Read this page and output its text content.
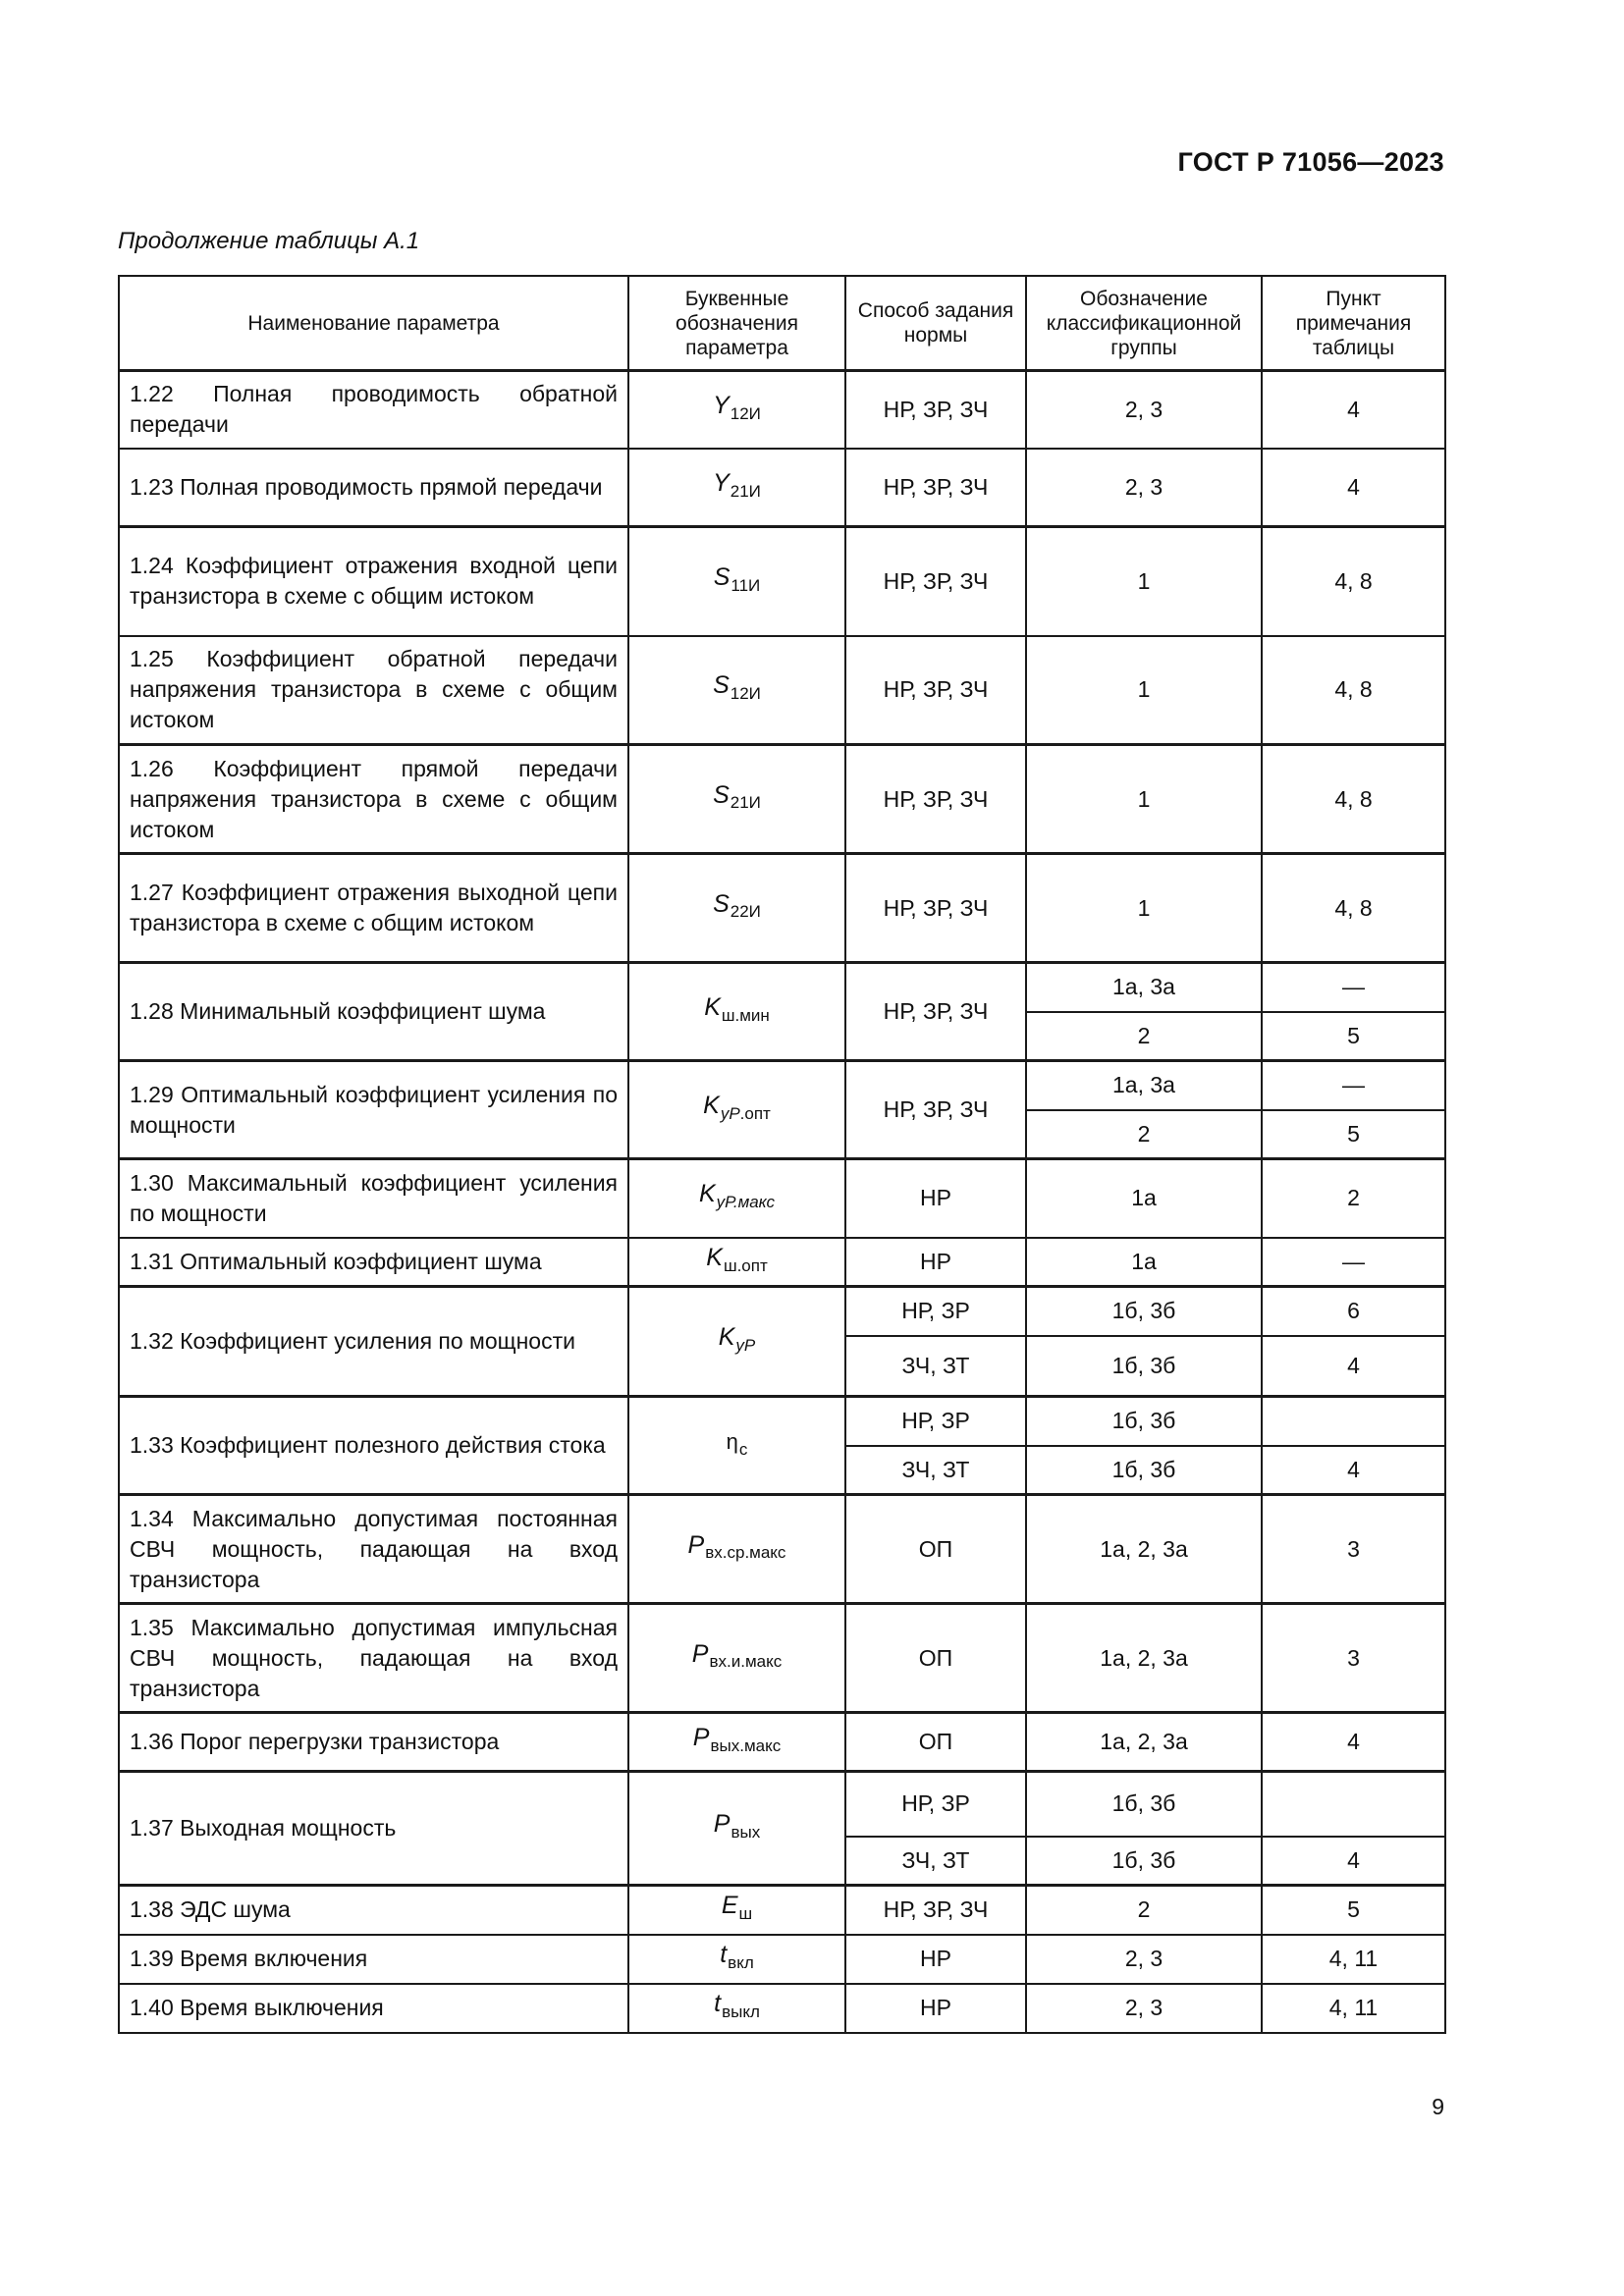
ГОСТ Р 71056—2023
Продолжение таблицы А.1
Наименование параметра	Буквенные обозначения параметра	Способ задания нормы	Обозначение классификационной группы	Пункт примечания таблицы
1.22 Полная проводимость обратной передачи	$Y_{12И}$	НР, ЗР, ЗЧ	2, 3	4
1.23 Полная проводимость прямой передачи	$Y_{21И}$	НР, ЗР, ЗЧ	2, 3	4
1.24 Коэффициент отражения входной цепи транзистора в схеме с общим истоком	$S_{11И}$	НР, ЗР, ЗЧ	1	4, 8
1.25 Коэффициент обратной передачи напряжения транзистора в схеме с общим истоком	$S_{12И}$	НР, ЗР, ЗЧ	1	4, 8
1.26 Коэффициент прямой передачи напряжения транзистора в схеме с общим истоком	$S_{21И}$	НР, ЗР, ЗЧ	1	4, 8
1.27 Коэффициент отражения выходной цепи транзистора в схеме с общим истоком	$S_{22И}$	НР, ЗР, ЗЧ	1	4, 8
1.28 Минимальный коэффициент шума	$K_{ш.мин}$	НР, ЗР, ЗЧ	1а, 3а	—
			2	5
1.29 Оптимальный коэффициент усиления по мощности	$K_{уР.опт}$	НР, ЗР, ЗЧ	1а, 3а	—
			2	5
1.30 Максимальный коэффициент усиления по мощности	$K_{уР.макс}$	НР	1а	2
1.31 Оптимальный коэффициент шума	$K_{ш.опт}$	НР	1а	—
1.32 Коэффициент усиления по мощности	$K_{уР}$	НР, ЗР	1б, 3б	6
		ЗЧ, ЗТ	1б, 3б	4
1.33 Коэффициент полезного действия стока	$\eta_с$	НР, ЗР	1б, 3б	
		ЗЧ, ЗТ	1б, 3б	4
1.34 Максимально допустимая постоянная СВЧ мощность, падающая на вход транзистора	$P_{вх.ср.макс}$	ОП	1а, 2, 3а	3
1.35 Максимально допустимая импульсная СВЧ мощность, падающая на вход транзистора	$P_{вх.и.макс}$	ОП	1а, 2, 3а	3
1.36 Порог перегрузки транзистора	$P_{вых.макс}$	ОП	1а, 2, 3а	4
1.37 Выходная мощность	$P_{вых}$	НР, ЗР	1б, 3б	
		ЗЧ, ЗТ	1б, 3б	4
1.38 ЭДС шума	$E_ш$	НР, ЗР, ЗЧ	2	5
1.39 Время включения	$t_{вкл}$	НР	2, 3	4, 11
1.40 Время выключения	$t_{выкл}$	НР	2, 3	4, 11
9
